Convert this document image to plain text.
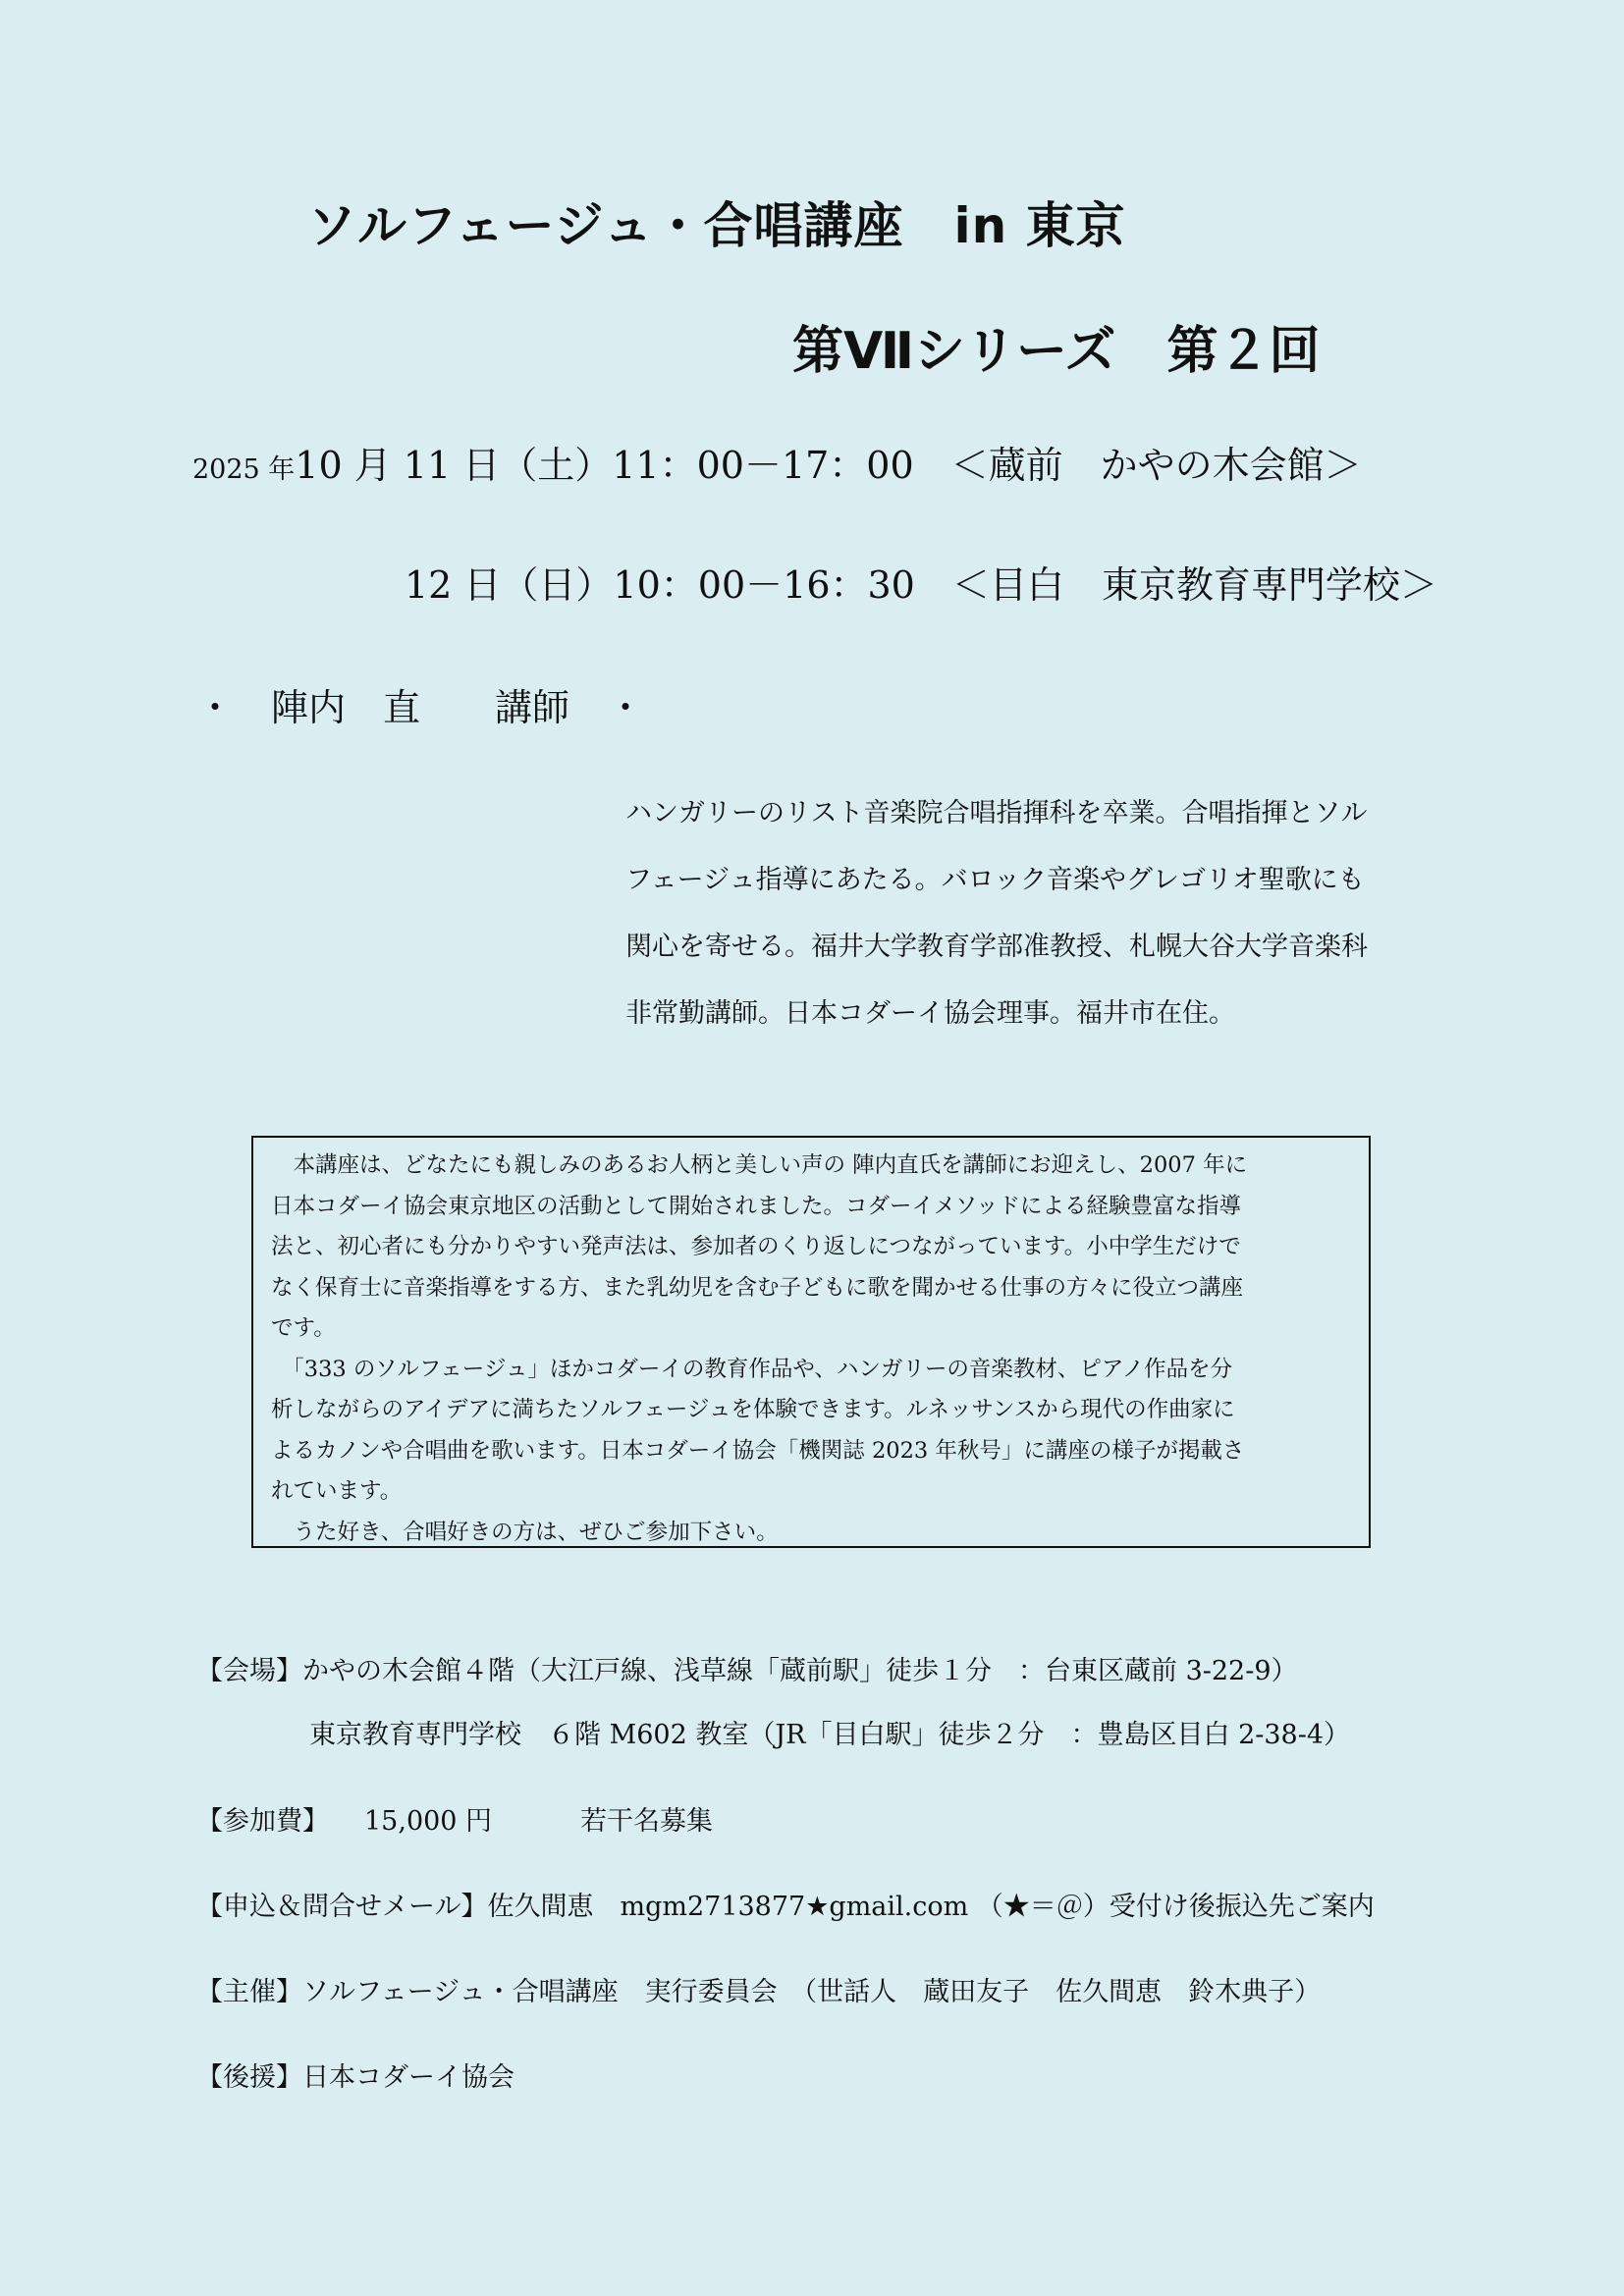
ソルフェージュ・合唱講座　in 東京
第Ⅶシリーズ　第２回
2025 年10 月 11 日（土）11：00－17：00　＜蔵前　かやの木会館＞
12 日（日）10：00－16：30　＜目白　東京教育専門学校＞
・　陣内　直　　講師　・
ハンガリーのリスト音楽院合唱指揮科を卒業。合唱指揮とソル
フェージュ指導にあたる。バロック音楽やグレゴリオ聖歌にも
関心を寄せる。福井大学教育学部准教授、札幌大谷大学音楽科
非常勤講師。日本コダーイ協会理事。福井市在住。
　本講座は、どなたにも親しみのあるお人柄と美しい声の 陣内直氏を講師にお迎えし、2007 年に
日本コダーイ協会東京地区の活動として開始されました。コダーイメソッドによる経験豊富な指導
法と、初心者にも分かりやすい発声法は、参加者のくり返しにつながっています。小中学生だけで
なく保育士に音楽指導をする方、また乳幼児を含む子どもに歌を聞かせる仕事の方々に役立つ講座
です。
　「333 のソルフェージュ」ほかコダーイの教育作品や、ハンガリーの音楽教材、ピアノ作品を分
析しながらのアイデアに満ちたソルフェージュを体験できます。ルネッサンスから現代の作曲家に
よるカノンや合唱曲を歌います。日本コダーイ協会「機関誌 2023 年秋号」に講座の様子が掲載さ
れています。
　うた好き、合唱好きの方は、ぜひご参加下さい。
【会場】かやの木会館４階（大江戸線、浅草線「蔵前駅」徒歩１分　：台東区蔵前 3-22-9）
東京教育専門学校　６階 M602 教室（JR「目白駅」徒歩２分　：豊島区目白 2-38-4）
【参加費】 15,000 円	若干名募集
【申込＆問合せメール】佐久間恵　mgm2713877★gmail.com （★＝＠）受付け後振込先ご案内
【主催】ソルフェージュ・合唱講座　実行委員会　（世話人　蔵田友子　佐久間恵　鈴木典子）
【後援】日本コダーイ協会
